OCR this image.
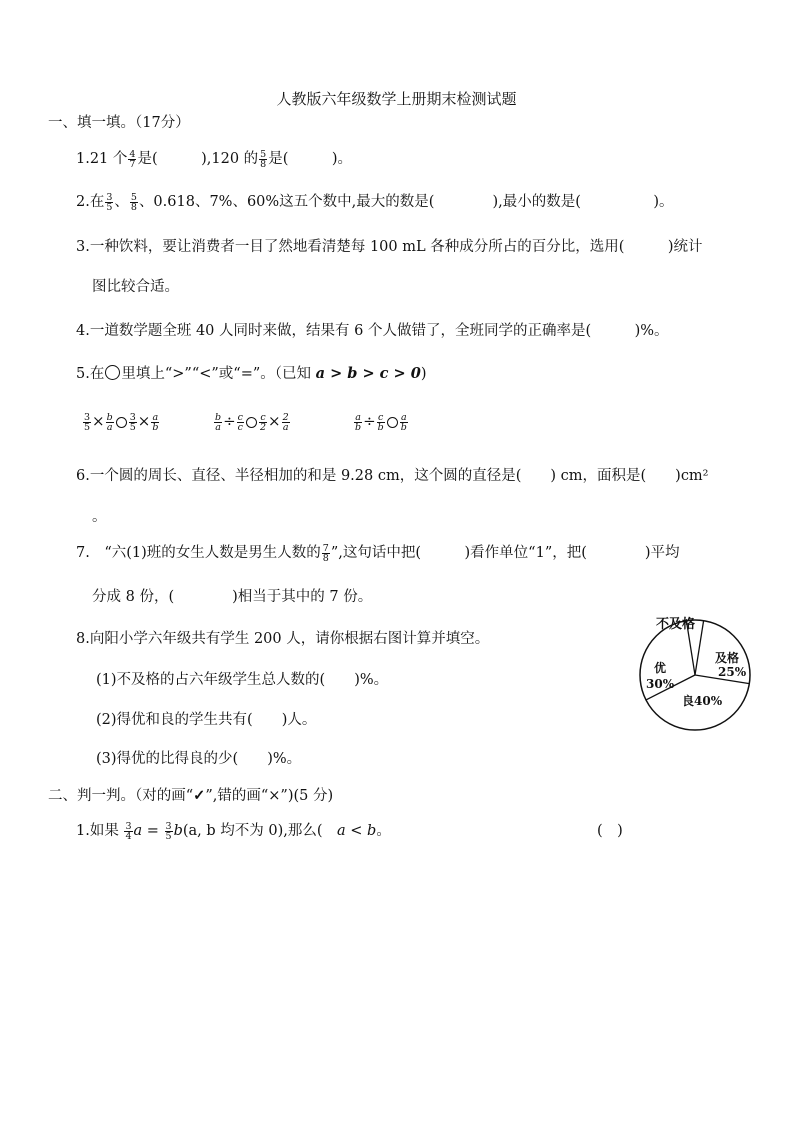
人教版六年级数学上册期末检测试题
一、填一填。（17分）
1.21 个 $\frac{4}{7}$ 是(　　　),120 的 $\frac{5}{8}$ 是(　　　)。
2.在 $\frac{3}{5}$ 、 $\frac{5}{8}$ 、0.618、7%、60%这五个数中,最大的数是(　　　　),最小的数是(　　　　　)。
3.一种饮料，要让消费者一目了然地看清楚每 100 mL 各种成分所占的百分比，选用(　　　)统计
图比较合适。
4.一道数学题全班 40 人同时来做，结果有 6 个人做错了，全班同学的正确率是(　　　)%。
5.在 里填上“>”“<”或“=”。（已知 a > b > c > 0)
$\frac{3}{5} \times \frac{b}{a} \frac{3}{5} \times \frac{a}{b}$	$\frac{b}{a} \div \frac{c}{c} \frac{c}{2} \times \frac{2}{a}$	$\frac{a}{b} \div \frac{c}{b} \frac{a}{b}$
6.一个圆的周长、直径、半径相加的和是 9.28 cm，这个圆的直径是(　　) cm，面积是(　　)cm²
。
7.　“六(1)班的女生人数是男生人数的 $\frac{7}{8}$ ”,这句话中把(　　　)看作单位“1”，把(　　　　)平均
分成 8 份，(　　　　)相当于其中的 7 份。
8.向阳小学六年级共有学生 200 人，请你根据右图计算并填空。
(1)不及格的占六年级学生总人数的(　　)%。
(2)得优和良的学生共有(　　)人。
(3)得优的比得良的少(　　)%。
不及格
及格
25%
优
30%
良40%
二、判一判。（对的画“✓”,错的画“×”)(5 分)
1.如果 $\frac{3}{4}$ $a = \frac{3}{5} b(a$, b 均不为 0),那么(　a < b。	(　)
